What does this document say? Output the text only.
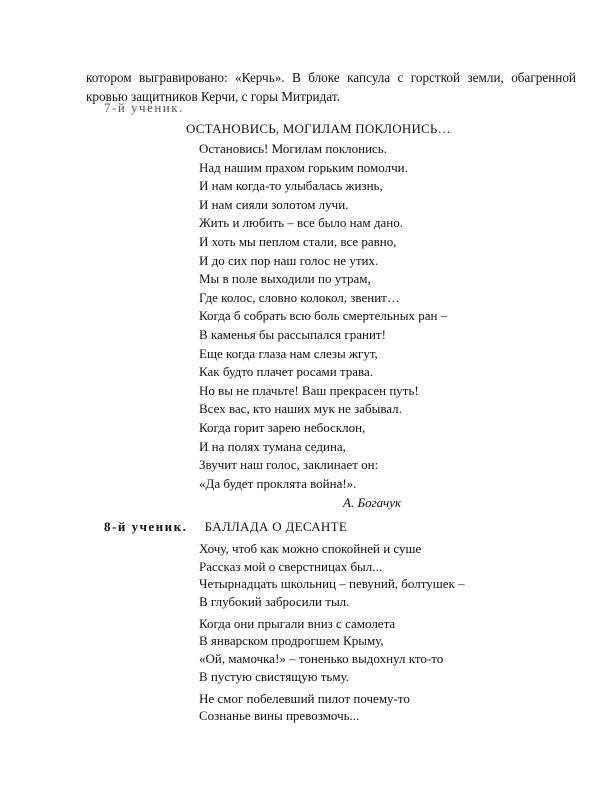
котором выгравировано: «Керчь». В блоке капсула с горсткой земли, обагренной кровью защитников Керчи, с горы Митридат.

7-й ученик.
ОСТАНОВИСЬ, МОГИЛАМ ПОКЛОНИСЬ…
Остановись! Могилам поклонись.
Над нашим прахом горьким помолчи.
И нам когда-то улыбалась жизнь,
И нам сияли золотом лучи.
Жить и любить – все было нам дано.
И хоть мы пеплом стали, все равно,
И до сих пор наш голос не утих.
Мы в поле выходили по утрам,
Где колос, словно колокол, звенит…
Когда б собрать всю боль смертельных ран –
В каменья бы рассыпался гранит!
Еще когда глаза нам слезы жгут,
Как будто плачет росами трава.
Но вы не плачьте! Ваш прекрасен путь!
Всех вас, кто наших мук не забывал.
Когда горит зарею небосклон,
И на полях тумана седина,
Звучит наш голос, заклинает он:
«Да будет проклята война!».
А. Богачук
8-й ученик. БАЛЛАДА О ДЕСАНТЕ
Хочу, чтоб как можно спокойней и суше
Рассказ мой о сверстницах был...
Четырнадцать школьниц – певуний, болтушек –
В глубокий забросили тыл.
Когда они прыгали вниз с самолета
В январском продрогшем Крыму,
«Ой, мамочка!» – тоненько выдохнул кто-то
В пустую свистящую тьму.
Не смог побелевший пилот почему-то
Сознанье вины превозмочь...
